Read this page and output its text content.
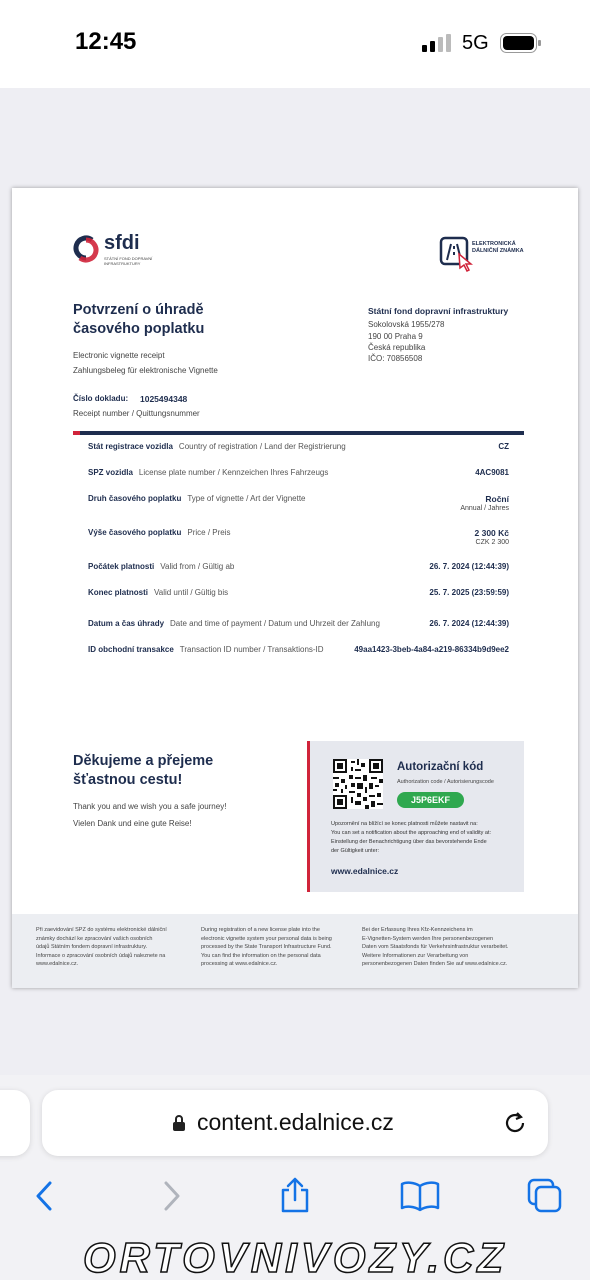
12:45	5G
sfdi
STÁTNÍ FOND DOPRAVNÍ
INFRASTRUKTURY
ELEKTRONICKÁ
DÁLNIČNÍ ZNÁMKA
Potvrzení o úhradě
časového poplatku
Electronic vignette receipt
Zahlungsbeleg für elektronische Vignette
Číslo dokladu: 1025494348
Receipt number / Quittungsnummer
Státní fond dopravní infrastruktury
Sokolovská 1955/278
190 00 Praha 9
Česká republika
IČO: 70856508
Stát registrace vozidla Country of registration / Land der Registrierung	CZ
SPZ vozidla License plate number / Kennzeichen Ihres Fahrzeugs	4AC9081
Druh časového poplatku Type of vignette / Art der Vignette	Roční
Annual / Jahres
Výše časového poplatku Price / Preis	2 300 Kč
CZK 2 300
Počátek platnosti Valid from / Gültig ab	26. 7. 2024 (12:44:39)
Konec platnosti Valid until / Gültig bis	25. 7. 2025 (23:59:59)
Datum a čas úhrady Date and time of payment / Datum und Uhrzeit der Zahlung	26. 7. 2024 (12:44:39)
ID obchodní transakce Transaction ID number / Transaktions-ID	49aa1423-3beb-4a84-a219-86334b9d9ee2
Děkujeme a přejeme
šťastnou cestu!
Thank you and we wish you a safe journey!
Vielen Dank und eine gute Reise!
Autorizační kód
Authorization code / Autorisierungscode
J5P6EKF
Upozornění na blížící se konec platnosti můžete nastavit na:
You can set a notification about the approaching end of validity at:
Einstellung der Benachrichtigung über das bevorstehende Ende
der Gültigkeit unter:
www.edalnice.cz
Při zaevidování SPZ do systému elektronické dálniční
známky dochází ke zpracování vašich osobních
údajů Státním fondem dopravní infrastruktury.
Informace o zpracování osobních údajů naleznete na
www.edalnice.cz.
During registration of a new license plate into the
electronic vignette system your personal data is being
processed by the State Transport Infrastructure Fund.
You can find the information on the personal data
processing at www.edalnice.cz.
Bei der Erfassung Ihres Kfz-Kennzeichens im
E-Vignetten-System werden Ihre personenbezogenen
Daten vom Staatsfonds für Verkehrsinfrastruktur verarbeitet.
Weitere Informationen zur Verarbeitung von
personenbezogenen Daten finden Sie auf www.edalnice.cz.
content.edalnice.cz
ORTOVNIVOZY.CZ
